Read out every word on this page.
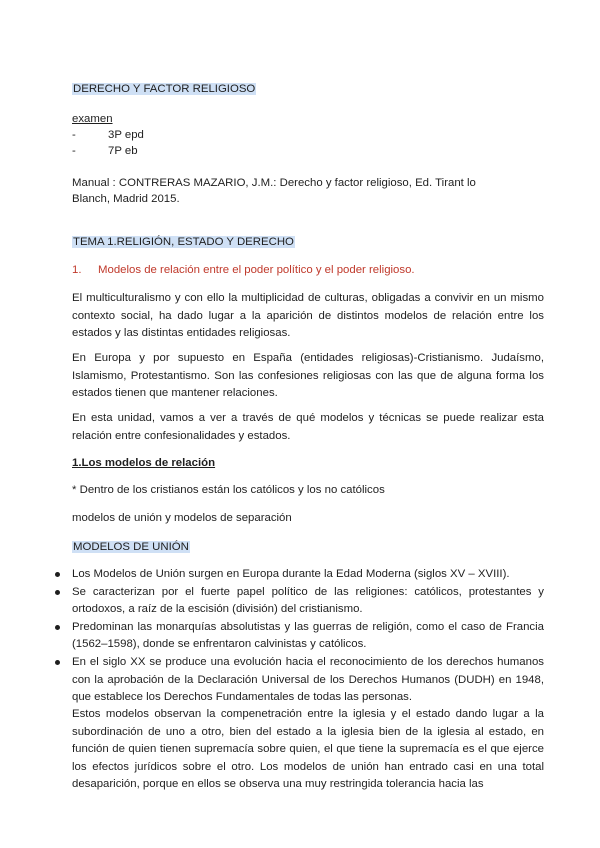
DERECHO Y FACTOR RELIGIOSO
examen
-	3P epd
-	7P eb
Manual : CONTRERAS MAZARIO, J.M.: Derecho y factor religioso, Ed. Tirant lo
Blanch, Madrid 2015.
TEMA 1.RELIGIÓN, ESTADO Y DERECHO
1. Modelos de relación entre el poder político y el poder religioso.
El multiculturalismo y con ello la multiplicidad de culturas, obligadas a convivir en un mismo contexto social, ha dado lugar a la aparición de distintos modelos de relación entre los estados y las distintas entidades religiosas.
En Europa y por supuesto en España (entidades religiosas)-Cristianismo. Judaísmo, Islamismo, Protestantismo. Son las confesiones religiosas con las que de alguna forma los estados tienen que mantener relaciones.
En esta unidad, vamos a ver a través de qué modelos y técnicas se puede realizar esta relación entre confesionalidades y estados.
1.Los modelos de relación
* Dentro de los cristianos están los católicos y los no católicos
modelos de unión y modelos de separación
MODELOS DE UNIÓN
Los Modelos de Unión surgen en Europa durante la Edad Moderna (siglos XV – XVIII).
Se caracterizan por el fuerte papel político de las religiones: católicos, protestantes y ortodoxos, a raíz de la escisión (división) del cristianismo.
Predominan las monarquías absolutistas y las guerras de religión, como el caso de Francia (1562–1598), donde se enfrentaron calvinistas y católicos.
En el siglo XX se produce una evolución hacia el reconocimiento de los derechos humanos con la aprobación de la Declaración Universal de los Derechos Humanos (DUDH) en 1948, que establece los Derechos Fundamentales de todas las personas.
Estos modelos observan la compenetración entre la iglesia y el estado dando lugar a la subordinación de uno a otro, bien del estado a la iglesia bien de la iglesia al estado, en función de quien tienen supremacía sobre quien, el que tiene la supremacía es el que ejerce los efectos jurídicos sobre el otro. Los modelos de unión han entrado casi en una total desaparición, porque en ellos se observa una muy restringida tolerancia hacia las
